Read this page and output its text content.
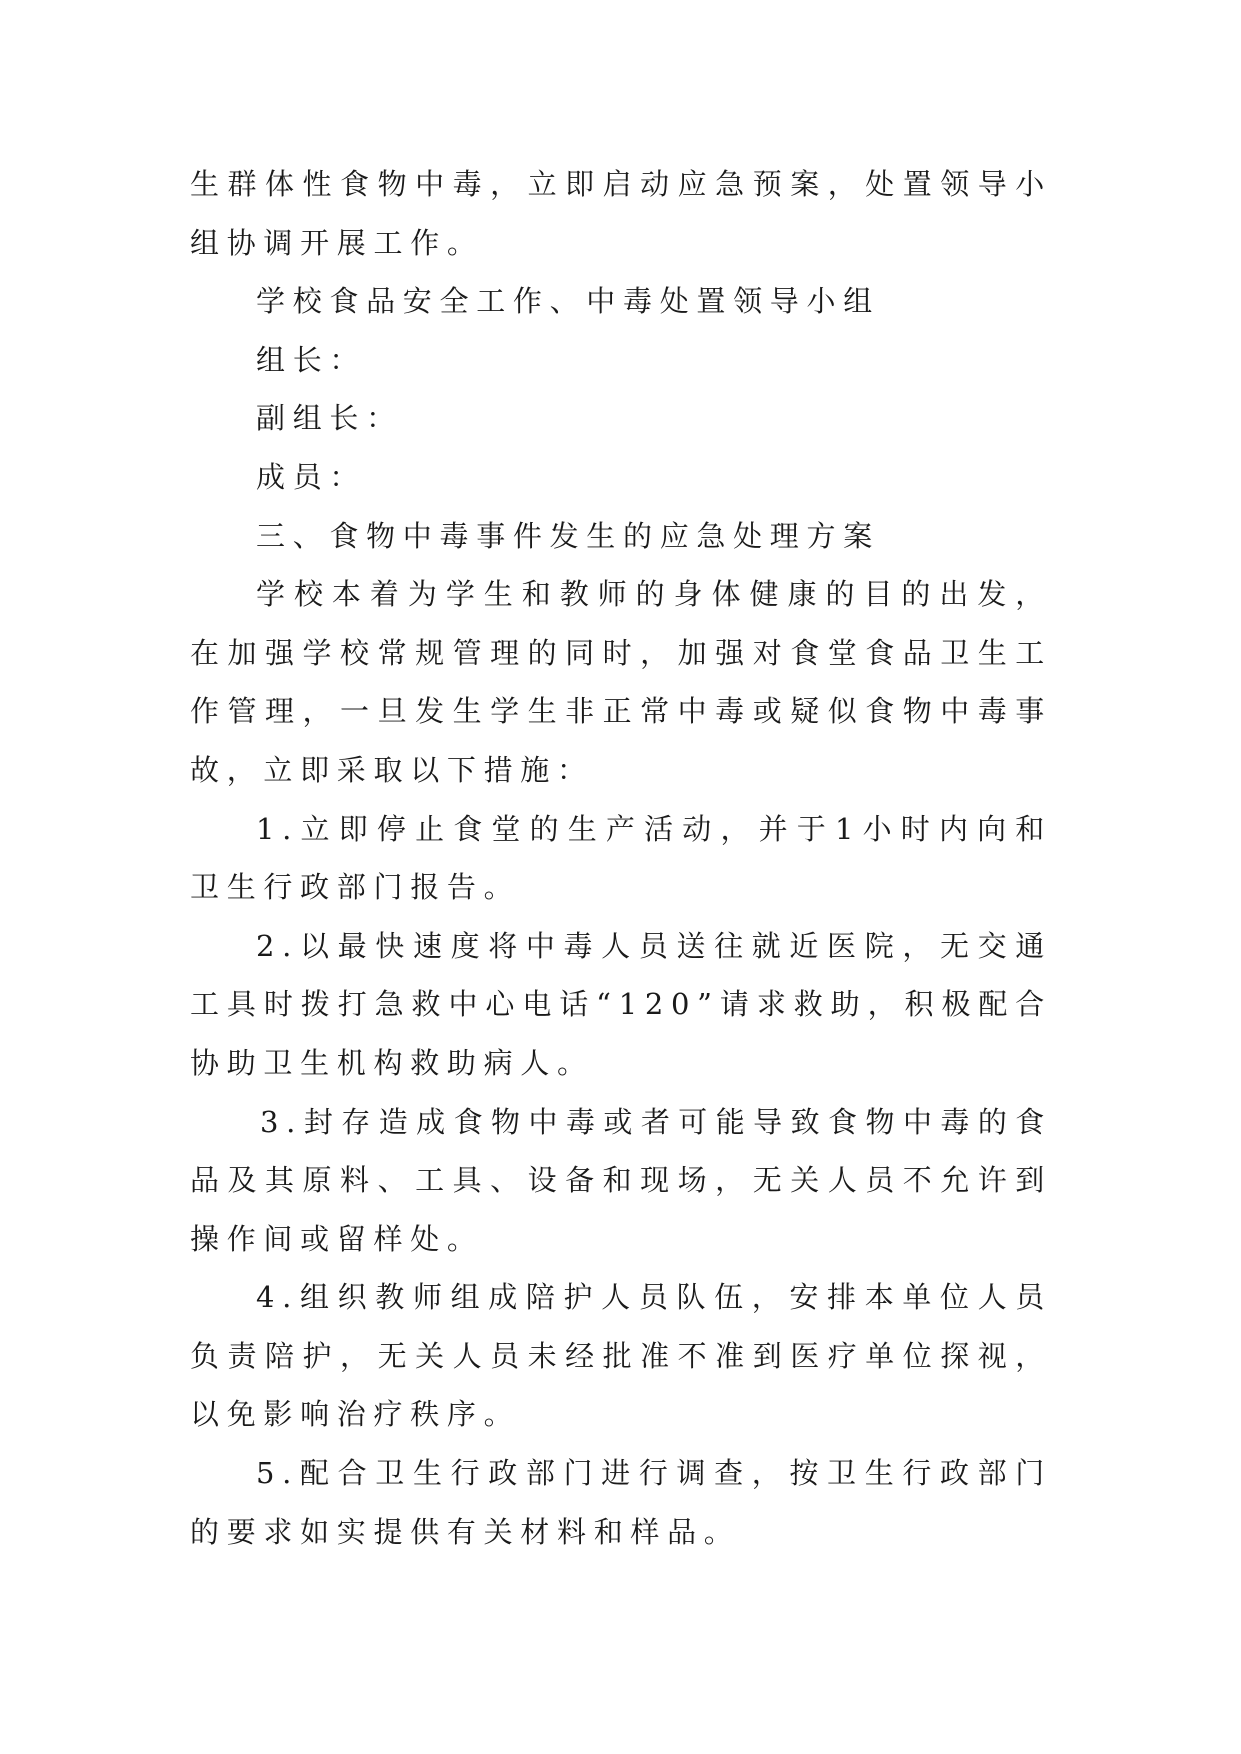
生群体性食物中毒，立即启动应急预案，处置领导小组协调开展工作。

学校食品安全工作、中毒处置领导小组

组长：

副组长：

成员：

三、食物中毒事件发生的应急处理方案

学校本着为学生和教师的身体健康的目的出发，在加强学校常规管理的同时，加强对食堂食品卫生工作管理，一旦发生学生非正常中毒或疑似食物中毒事故，立即采取以下措施：

1.立即停止食堂的生产活动，并于1小时内向和卫生行政部门报告。

2.以最快速度将中毒人员送往就近医院，无交通工具时拨打急救中心电话“120”请求救助，积极配合协助卫生机构救助病人。

3.封存造成食物中毒或者可能导致食物中毒的食品及其原料、工具、设备和现场，无关人员不允许到操作间或留样处。

4.组织教师组成陪护人员队伍，安排本单位人员负责陪护，无关人员未经批准不准到医疗单位探视，以免影响治疗秩序。

5.配合卫生行政部门进行调查，按卫生行政部门的要求如实提供有关材料和样品。
